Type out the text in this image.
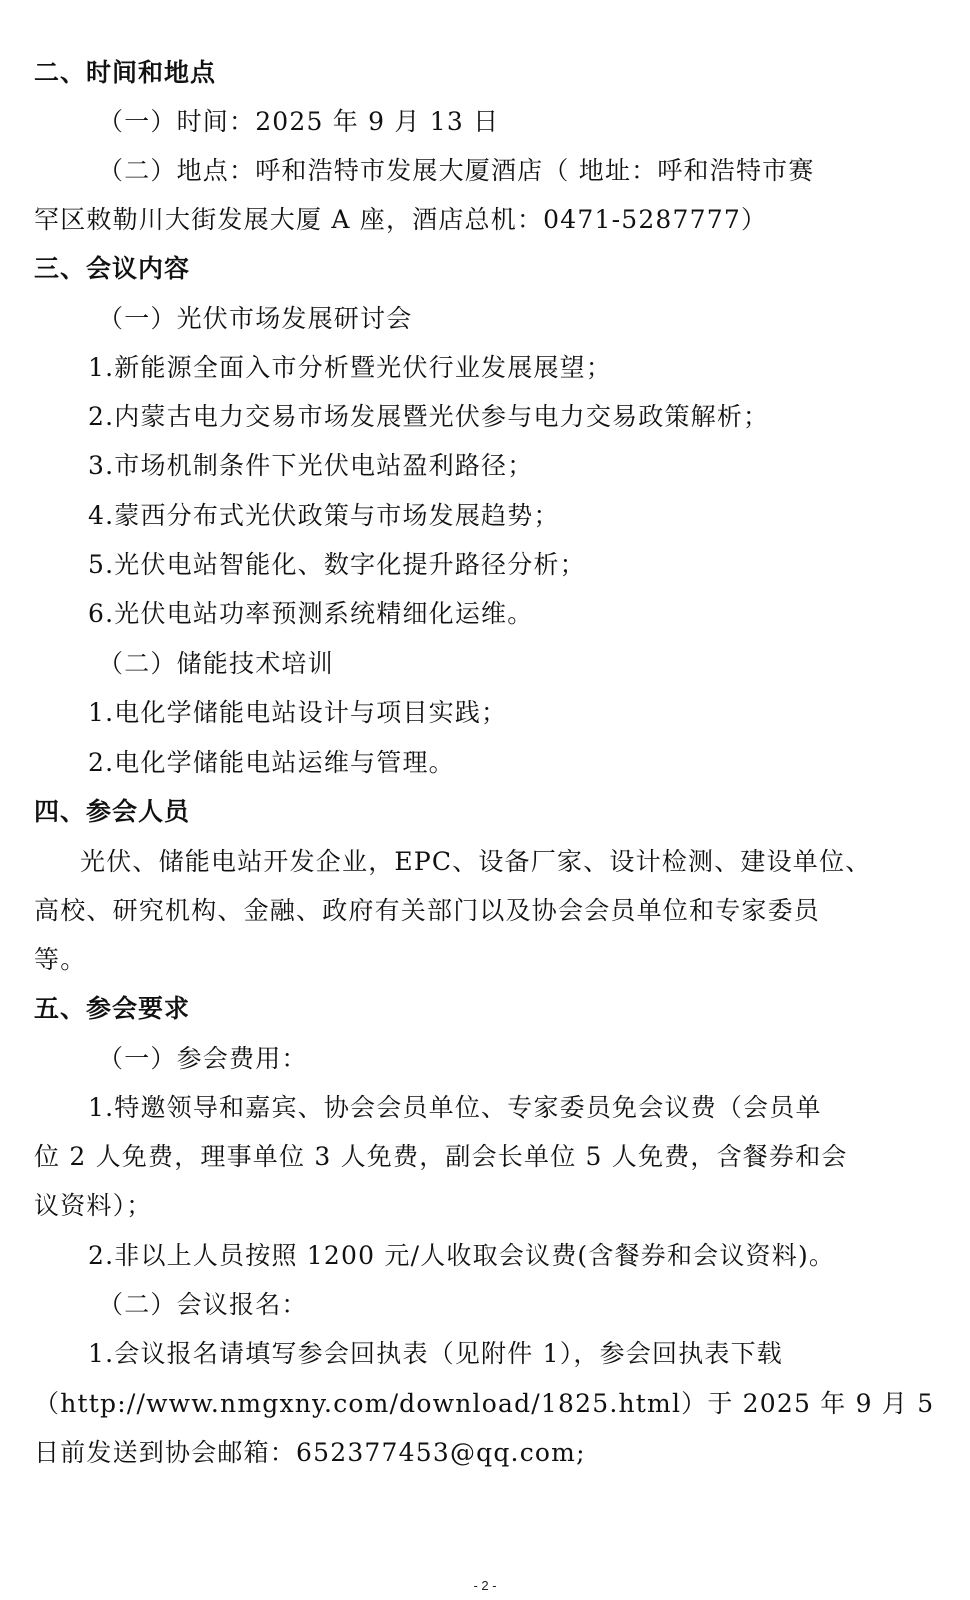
二、时间和地点
（一）时间：2025 年 9 月 13 日
（二）地点：呼和浩特市发展大厦酒店（ 地址：呼和浩特市赛
罕区敕勒川大街发展大厦 A 座，酒店总机：0471-5287777）
三、会议内容
（一）光伏市场发展研讨会
1.新能源全面入市分析暨光伏行业发展展望；
2.内蒙古电力交易市场发展暨光伏参与电力交易政策解析；
3.市场机制条件下光伏电站盈利路径；
4.蒙西分布式光伏政策与市场发展趋势；
5.光伏电站智能化、数字化提升路径分析；
6.光伏电站功率预测系统精细化运维。
（二）储能技术培训
1.电化学储能电站设计与项目实践；
2.电化学储能电站运维与管理。
四、参会人员
光伏、储能电站开发企业，EPC、设备厂家、设计检测、建设单位、
高校、研究机构、金融、政府有关部门以及协会会员单位和专家委员
等。
五、参会要求
（一）参会费用：
1.特邀领导和嘉宾、协会会员单位、专家委员免会议费（会员单
位 2 人免费，理事单位 3 人免费，副会长单位 5 人免费，含餐券和会
议资料）；
2.非以上人员按照 1200 元/人收取会议费(含餐券和会议资料)。
（二）会议报名：
1.会议报名请填写参会回执表（见附件 1），参会回执表下载
（http://www.nmgxny.com/download/1825.html）于 2025 年 9 月 5
日前发送到协会邮箱：652377453@qq.com;
- 2 -
